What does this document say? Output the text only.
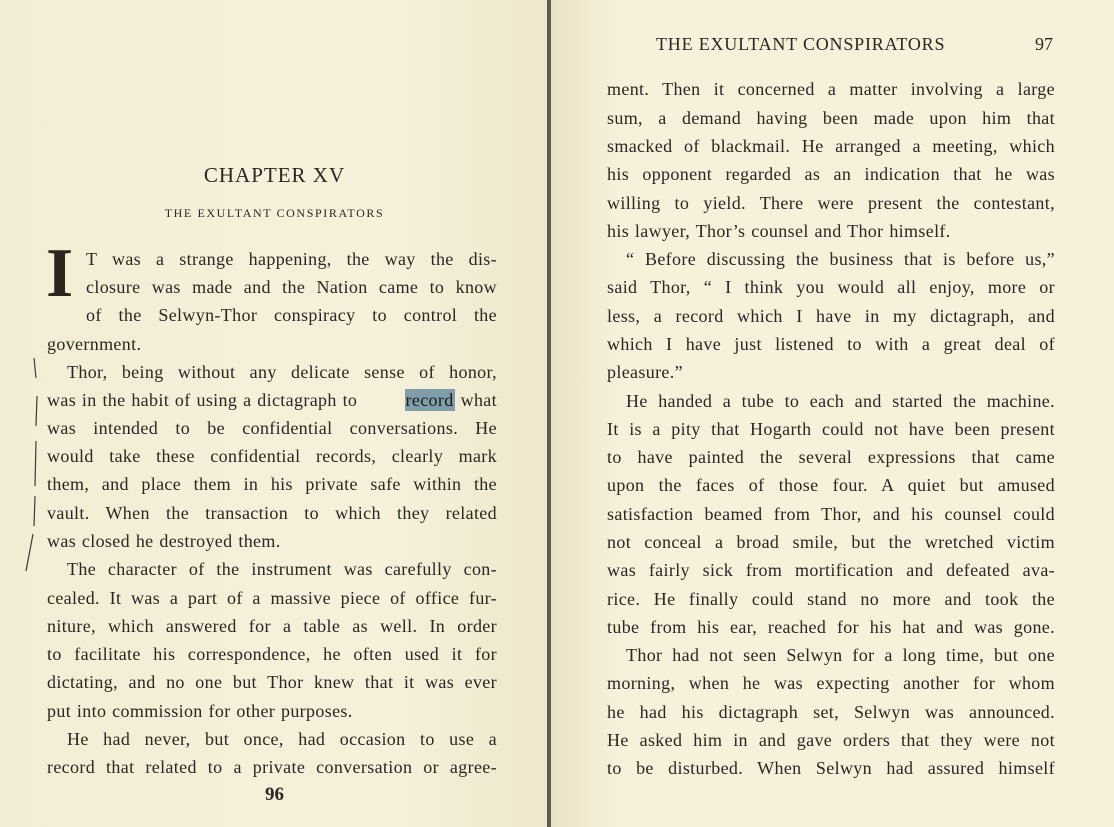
CHAPTER XV
THE EXULTANT CONSPIRATORS
I T was a strange happening, the way the dis-
closure was made and the Nation came to know
of the Selwyn-Thor conspiracy to control the
government.
Thor, being without any delicate sense of honor,
was in the habit of using a dictagraph to	record what
was intended to be confidential conversations. He
would take these confidential records, clearly mark
them, and place them in his private safe within the
vault. When the transaction to which they related
was closed he destroyed them.
The character of the instrument was carefully con-
cealed. It was a part of a massive piece of office fur-
niture, which answered for a table as well. In order
to facilitate his correspondence, he often used it for
dictating, and no one but Thor knew that it was ever
put into commission for other purposes.
He had never, but once, had occasion to use a
record that related to a private conversation or agree-
96
THE EXULTANT CONSPIRATORS	97
ment. Then it concerned a matter involving a large
sum, a demand having been made upon him that
smacked of blackmail. He arranged a meeting, which
his opponent regarded as an indication that he was
willing to yield. There were present the contestant,
his lawyer, Thor’s counsel and Thor himself.
“ Before discussing the business that is before us,”
said Thor, “ I think you would all enjoy, more or
less, a record which I have in my dictagraph, and
which I have just listened to with a great deal of
pleasure.”
He handed a tube to each and started the machine.
It is a pity that Hogarth could not have been present
to have painted the several expressions that came
upon the faces of those four. A quiet but amused
satisfaction beamed from Thor, and his counsel could
not conceal a broad smile, but the wretched victim
was fairly sick from mortification and defeated ava-
rice. He finally could stand no more and took the
tube from his ear, reached for his hat and was gone.
Thor had not seen Selwyn for a long time, but one
morning, when he was expecting another for whom
he had his dictagraph set, Selwyn was announced.
He asked him in and gave orders that they were not
to be disturbed. When Selwyn had assured himself
